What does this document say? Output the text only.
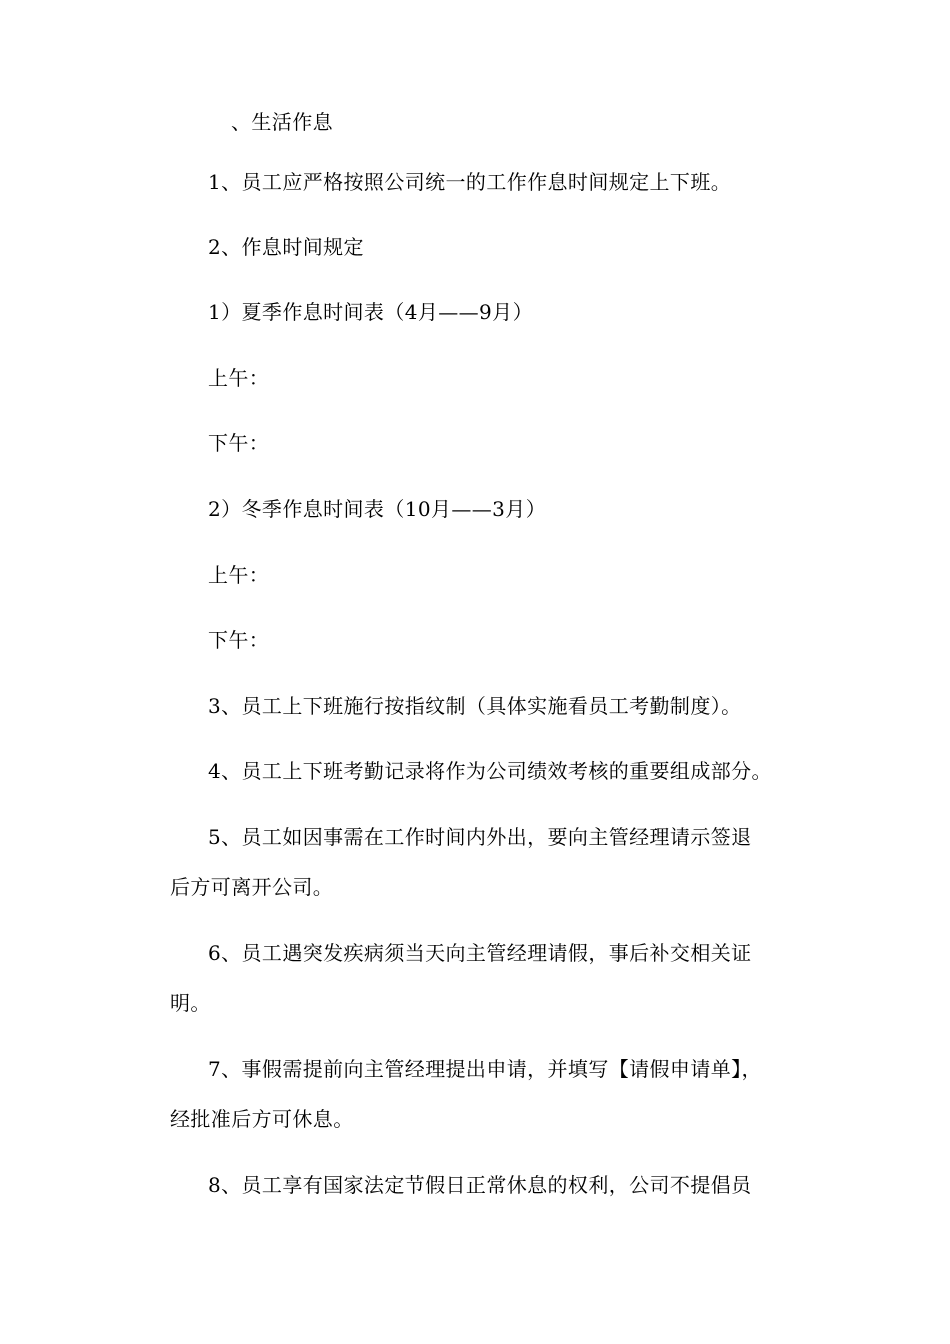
、生活作息

1、员工应严格按照公司统一的工作作息时间规定上下班。

2、作息时间规定

1）夏季作息时间表（4月——9月）

上午：

下午：

2）冬季作息时间表（10月——3月）

上午：

下午：

3、员工上下班施行按指纹制（具体实施看员工考勤制度）。

4、员工上下班考勤记录将作为公司绩效考核的重要组成部分。

5、员工如因事需在工作时间内外出，要向主管经理请示签退

后方可离开公司。

6、员工遇突发疾病须当天向主管经理请假，事后补交相关证

明。

7、事假需提前向主管经理提出申请，并填写【请假申请单】，

经批准后方可休息。

8、员工享有国家法定节假日正常休息的权利，公司不提倡员
